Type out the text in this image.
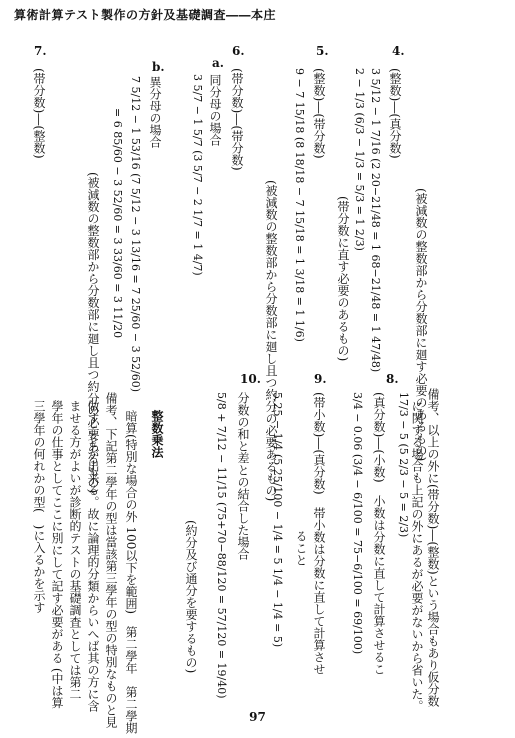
算術計算テスト製作の方針及基礎調査――本庄
4.
(整数)―(真分数)
3 5/12 − 1 7/16 (2 20−21/48 = 1 68−21/48 = 1 47/48)	(被減数の整数部から分数部に廻す必要のあるもの)
2 − 1/3 (6/3 − 1/3 = 5/3 = 1 2/3)
(帯分数に直す必要のあるもの)
5.
(整数)―(帯分数)
9 − 7 15/18 (8 18/18 − 7 15/18 = 1 3/18 = 1 1/6)
(被減数の整数部から分数部に廻し且つ約分の必要あるもの)
6.
a.
(帯分数)―(帯分数)
同分母の場合
3 5/7 − 1 5/7 (3 5/7 − 2 1/7 = 1 4/7)
b.
異分母の場合
7 5/12 − 1 53/16 (7 5/12 − 3 13/16 = 7 25/60 − 3 52/60)
= 6 85/60 − 3 52/60 = 3 33/60 = 3 11/20
(被減数の整数部から分数部に廻し且つ約分の必要あるもの)
7.
(帯分数)―(整数)
8.
17/3 − 5 (5 2/3 − 5 = 2/3) 備考、以上の外に(帯分数)―(整数)という場合もあり仮分数
に関する場合も上記の外にあるが必要がないから省いた。
(真分数)―(小数)　小数は分数に直して計算させるこ
3/4 − 0.06 (3/4 − 6/100 = 75−6/100 = 69/100)
9.
(帯小数)―(真分数)　帯小数は分数に直して計算させ
ること
5.25 − 1/4 (5 25/100 − 1/4 = 5 1/4 − 1/4 = 5)
10.
分数の和と差との結合した場合
5/8 + 7/12 − 11/15 (75+70−88/120 = 57/120 = 19/40)
(約分及び通分を要するもの)
整数乗法
暗算(特別な場合の外 100以下を範囲)　第二學年　第二學期
備考、下記第二學年の型は當該第三學年の型の特別なものと見
做すことが出来る。故に論理的分類からいへば其の方に含
ませる方がよいが診断的テストの基礎調査としては第二
學年の仕事としてここに別にして記す必要がある (中は算
三學年の何れかの型(　)に入るかを示す
97
